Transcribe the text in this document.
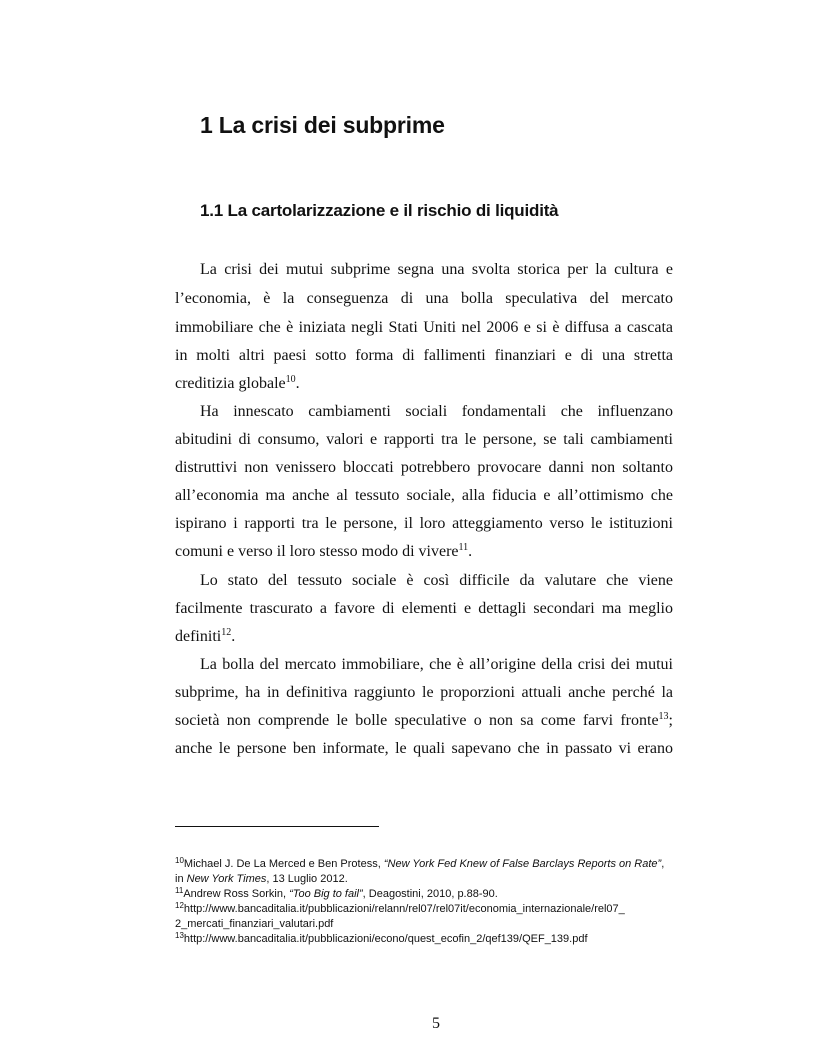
1 La crisi dei subprime
1.1 La cartolarizzazione e il rischio di liquidità
La crisi dei mutui subprime segna una svolta storica per la cultura e
l’economia, è la conseguenza di una bolla speculativa del mercato
immobiliare che è iniziata negli Stati Uniti nel 2006 e si è diffusa a cascata
in molti altri paesi sotto forma di fallimenti finanziari e di una stretta
creditizia globale$^{10}$.
Ha innescato cambiamenti sociali fondamentali che influenzano
abitudini di consumo, valori e rapporti tra le persone, se tali cambiamenti
distruttivi non venissero bloccati potrebbero provocare danni non soltanto
all’economia ma anche al tessuto sociale, alla fiducia e all’ottimismo che
ispirano i rapporti tra le persone, il loro atteggiamento verso le istituzioni
comuni e verso il loro stesso modo di vivere$^{11}$.
Lo stato del tessuto sociale è così difficile da valutare che viene
facilmente trascurato a favore di elementi e dettagli secondari ma meglio
definiti$^{12}$.
La bolla del mercato immobiliare, che è all’origine della crisi dei mutui
subprime, ha in definitiva raggiunto le proporzioni attuali anche perché la
società non comprende le bolle speculative o non sa come farvi fronte$^{13}$;
anche le persone ben informate, le quali sapevano che in passato vi erano
$^{10}$Michael J. De La Merced e Ben Protess, “New York Fed Knew of False Barclays Reports on Rate”,
in New York Times, 13 Luglio 2012.
$^{11}$Andrew Ross Sorkin, “Too Big to fail”, Deagostini, 2010, p.88-90.
$^{12}$http://www.bancaditalia.it/pubblicazioni/relann/rel07/rel07it/economia_internazionale/rel07_
2_mercati_finanziari_valutari.pdf
$^{13}$http://www.bancaditalia.it/pubblicazioni/econo/quest_ecofin_2/qef139/QEF_139.pdf
5
